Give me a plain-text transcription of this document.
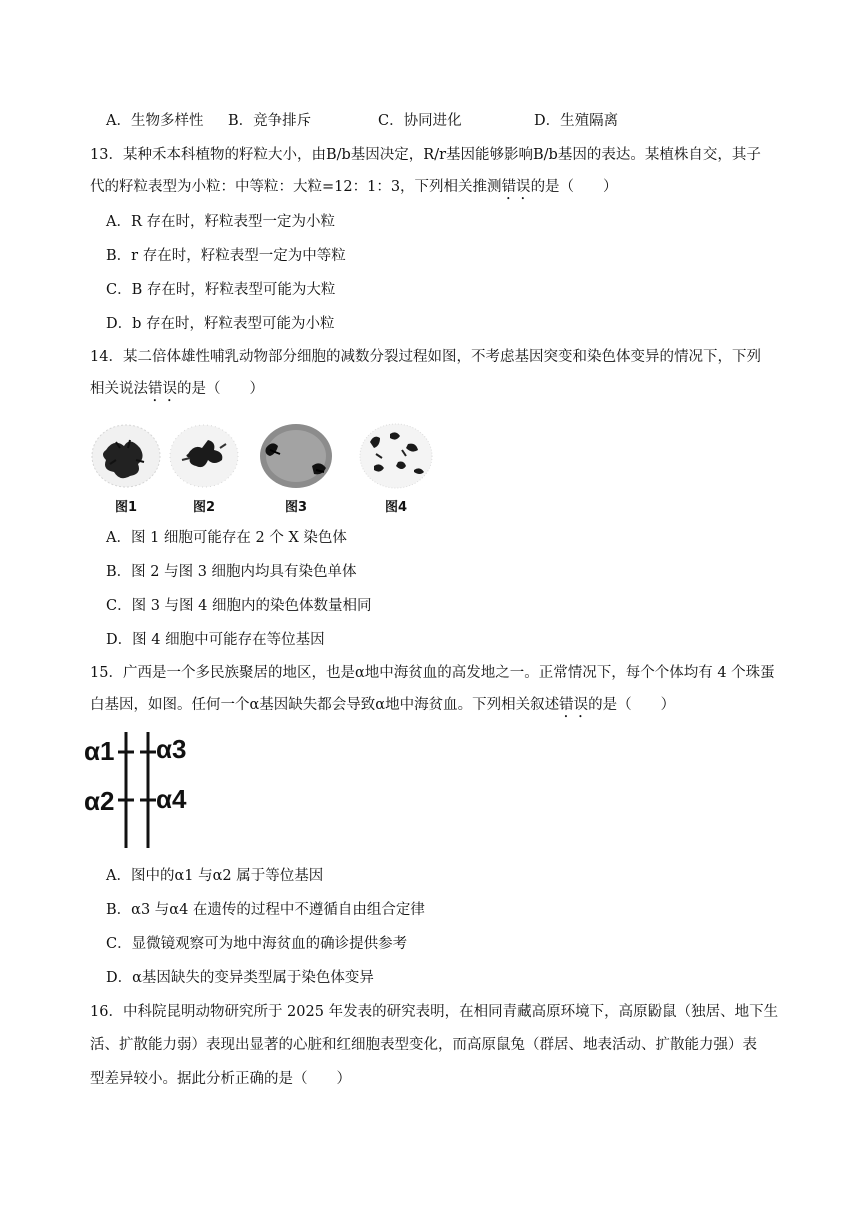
A．生物多样性 B．竞争排斥	C．协同进化	D．生殖隔离
13．某种禾本科植物的籽粒大小，由B/b基因决定，R/r基因能够影响B/b基因的表达。某植株自交，其子
代的籽粒表型为小粒：中等粒：大粒=12：1：3，下列相关推测错误的是（　　）
A．R 存在时，籽粒表型一定为小粒
B．r 存在时，籽粒表型一定为中等粒
C．B 存在时，籽粒表型可能为大粒
D．b 存在时，籽粒表型可能为小粒
14．某二倍体雄性哺乳动物部分细胞的减数分裂过程如图，不考虑基因突变和染色体变异的情况下，下列
相关说法错误的是（　　）
图1	图2	图3	图4
A．图 1 细胞可能存在 2 个 X 染色体
B．图 2 与图 3 细胞内均具有染色单体
C．图 3 与图 4 细胞内的染色体数量相同
D．图 4 细胞中可能存在等位基因
15．广西是一个多民族聚居的地区，也是α地中海贫血的高发地之一。正常情况下，每个个体均有 4 个珠蛋
白基因，如图。任何一个α基因缺失都会导致α地中海贫血。下列相关叙述错误的是（　　）
α1 α3
α2 α4
A．图中的α1 与α2 属于等位基因
B．α3 与α4 在遗传的过程中不遵循自由组合定律
C．显微镜观察可为地中海贫血的确诊提供参考
D．α基因缺失的变异类型属于染色体变异
16．中科院昆明动物研究所于 2025 年发表的研究表明，在相同青藏高原环境下，高原鼢鼠（独居、地下生
活、扩散能力弱）表现出显著的心脏和红细胞表型变化，而高原鼠兔（群居、地表活动、扩散能力强）表
型差异较小。据此分析正确的是（　　）
